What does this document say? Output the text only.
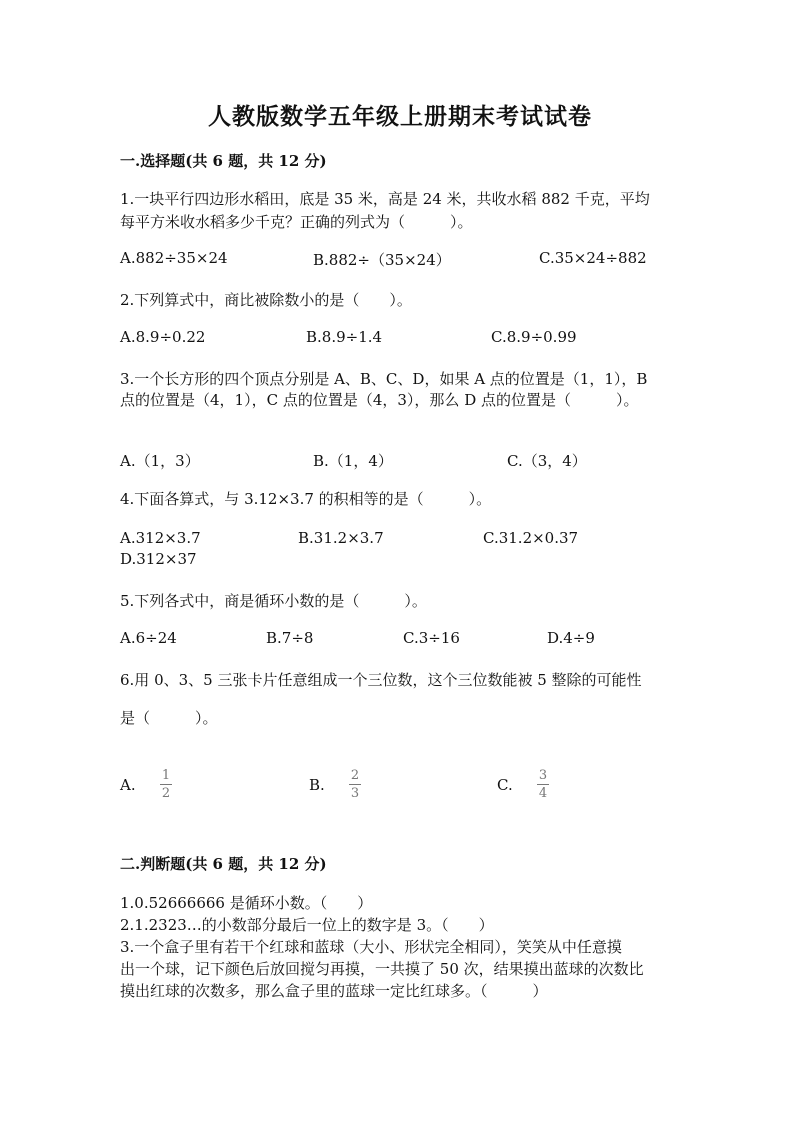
人教版数学五年级上册期末考试试卷
一.选择题(共 6 题，共 12 分)
1.一块平行四边形水稻田，底是 35 米，高是 24 米，共收水稻 882 千克，平均
每平方米收水稻多少千克？正确的列式为（　　　）。
A.882÷35×24	B.882÷（35×24）	C.35×24÷882
2.下列算式中，商比被除数小的是（　　）。
A.8.9÷0.22	B.8.9÷1.4	C.8.9÷0.99
3.一个长方形的四个顶点分别是 A、B、C、D，如果 A 点的位置是（1，1），B
点的位置是（4，1），C 点的位置是（4，3），那么 D 点的位置是（　　　）。
A.（1，3）	B.（1，4）	C.（3，4）
4.下面各算式，与 3.12×3.7 的积相等的是（　　　）。
A.312×3.7	B.31.2×3.7	C.31.2×0.37
D.312×37
5.下列各式中，商是循环小数的是（　　　）。
A.6÷24	B.7÷8	C.3÷16	D.4÷9
6.用 0、3、5 三张卡片任意组成一个三位数，这个三位数能被 5 整除的可能性
是（　　　）。
A.
1
2	B.
2
3	C.
3
4
二.判断题(共 6 题，共 12 分)
1.0.52666666 是循环小数。（　　）
2.1.2323…的小数部分最后一位上的数字是 3。（　　）
3.一个盒子里有若干个红球和蓝球（大小、形状完全相同），笑笑从中任意摸
出一个球，记下颜色后放回搅匀再摸，一共摸了 50 次，结果摸出蓝球的次数比
摸出红球的次数多，那么盒子里的蓝球一定比红球多。（　　　）
